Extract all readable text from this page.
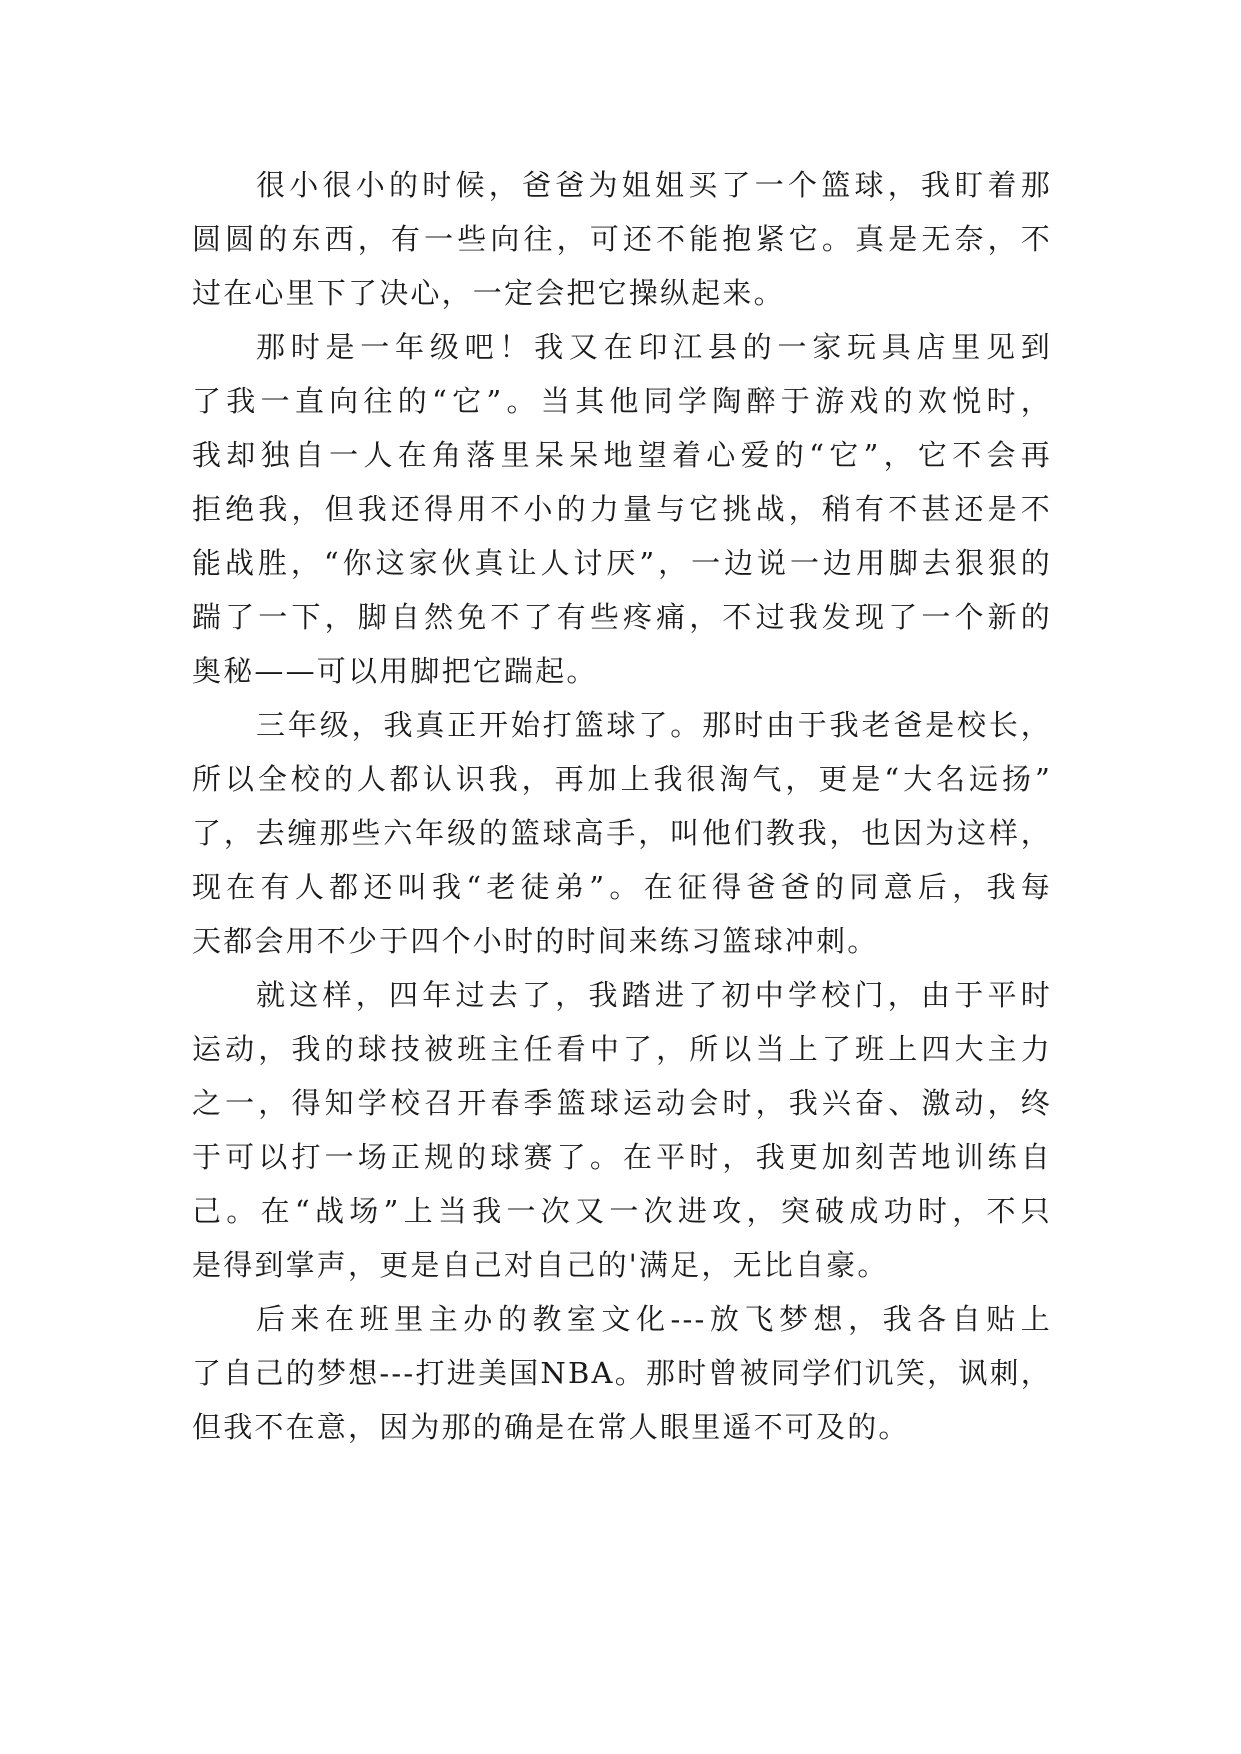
很小很小的时候，爸爸为姐姐买了一个篮球，我盯着那
圆圆的东西，有一些向往，可还不能抱紧它。真是无奈，不
过在心里下了决心，一定会把它操纵起来。
那时是一年级吧！我又在印江县的一家玩具店里见到
了我一直向往的“它”。当其他同学陶醉于游戏的欢悦时，
我却独自一人在角落里呆呆地望着心爱的“它”，它不会再
拒绝我，但我还得用不小的力量与它挑战，稍有不甚还是不
能战胜，“你这家伙真让人讨厌”，一边说一边用脚去狠狠的
踹了一下，脚自然免不了有些疼痛，不过我发现了一个新的
奥秘——可以用脚把它踹起。
三年级，我真正开始打篮球了。那时由于我老爸是校长，
所以全校的人都认识我，再加上我很淘气，更是“大名远扬”
了，去缠那些六年级的篮球高手，叫他们教我，也因为这样，
现在有人都还叫我“老徒弟”。在征得爸爸的同意后，我每
天都会用不少于四个小时的时间来练习篮球冲刺。
就这样，四年过去了，我踏进了初中学校门，由于平时
运动，我的球技被班主任看中了，所以当上了班上四大主力
之一，得知学校召开春季篮球运动会时，我兴奋、激动，终
于可以打一场正规的球赛了。在平时，我更加刻苦地训练自
己。在“战场”上当我一次又一次进攻，突破成功时，不只
是得到掌声，更是自己对自己的'满足，无比自豪。
后来在班里主办的教室文化---放飞梦想，我各自贴上
了自己的梦想---打进美国NBA。那时曾被同学们讥笑，讽刺，
但我不在意，因为那的确是在常人眼里遥不可及的。
